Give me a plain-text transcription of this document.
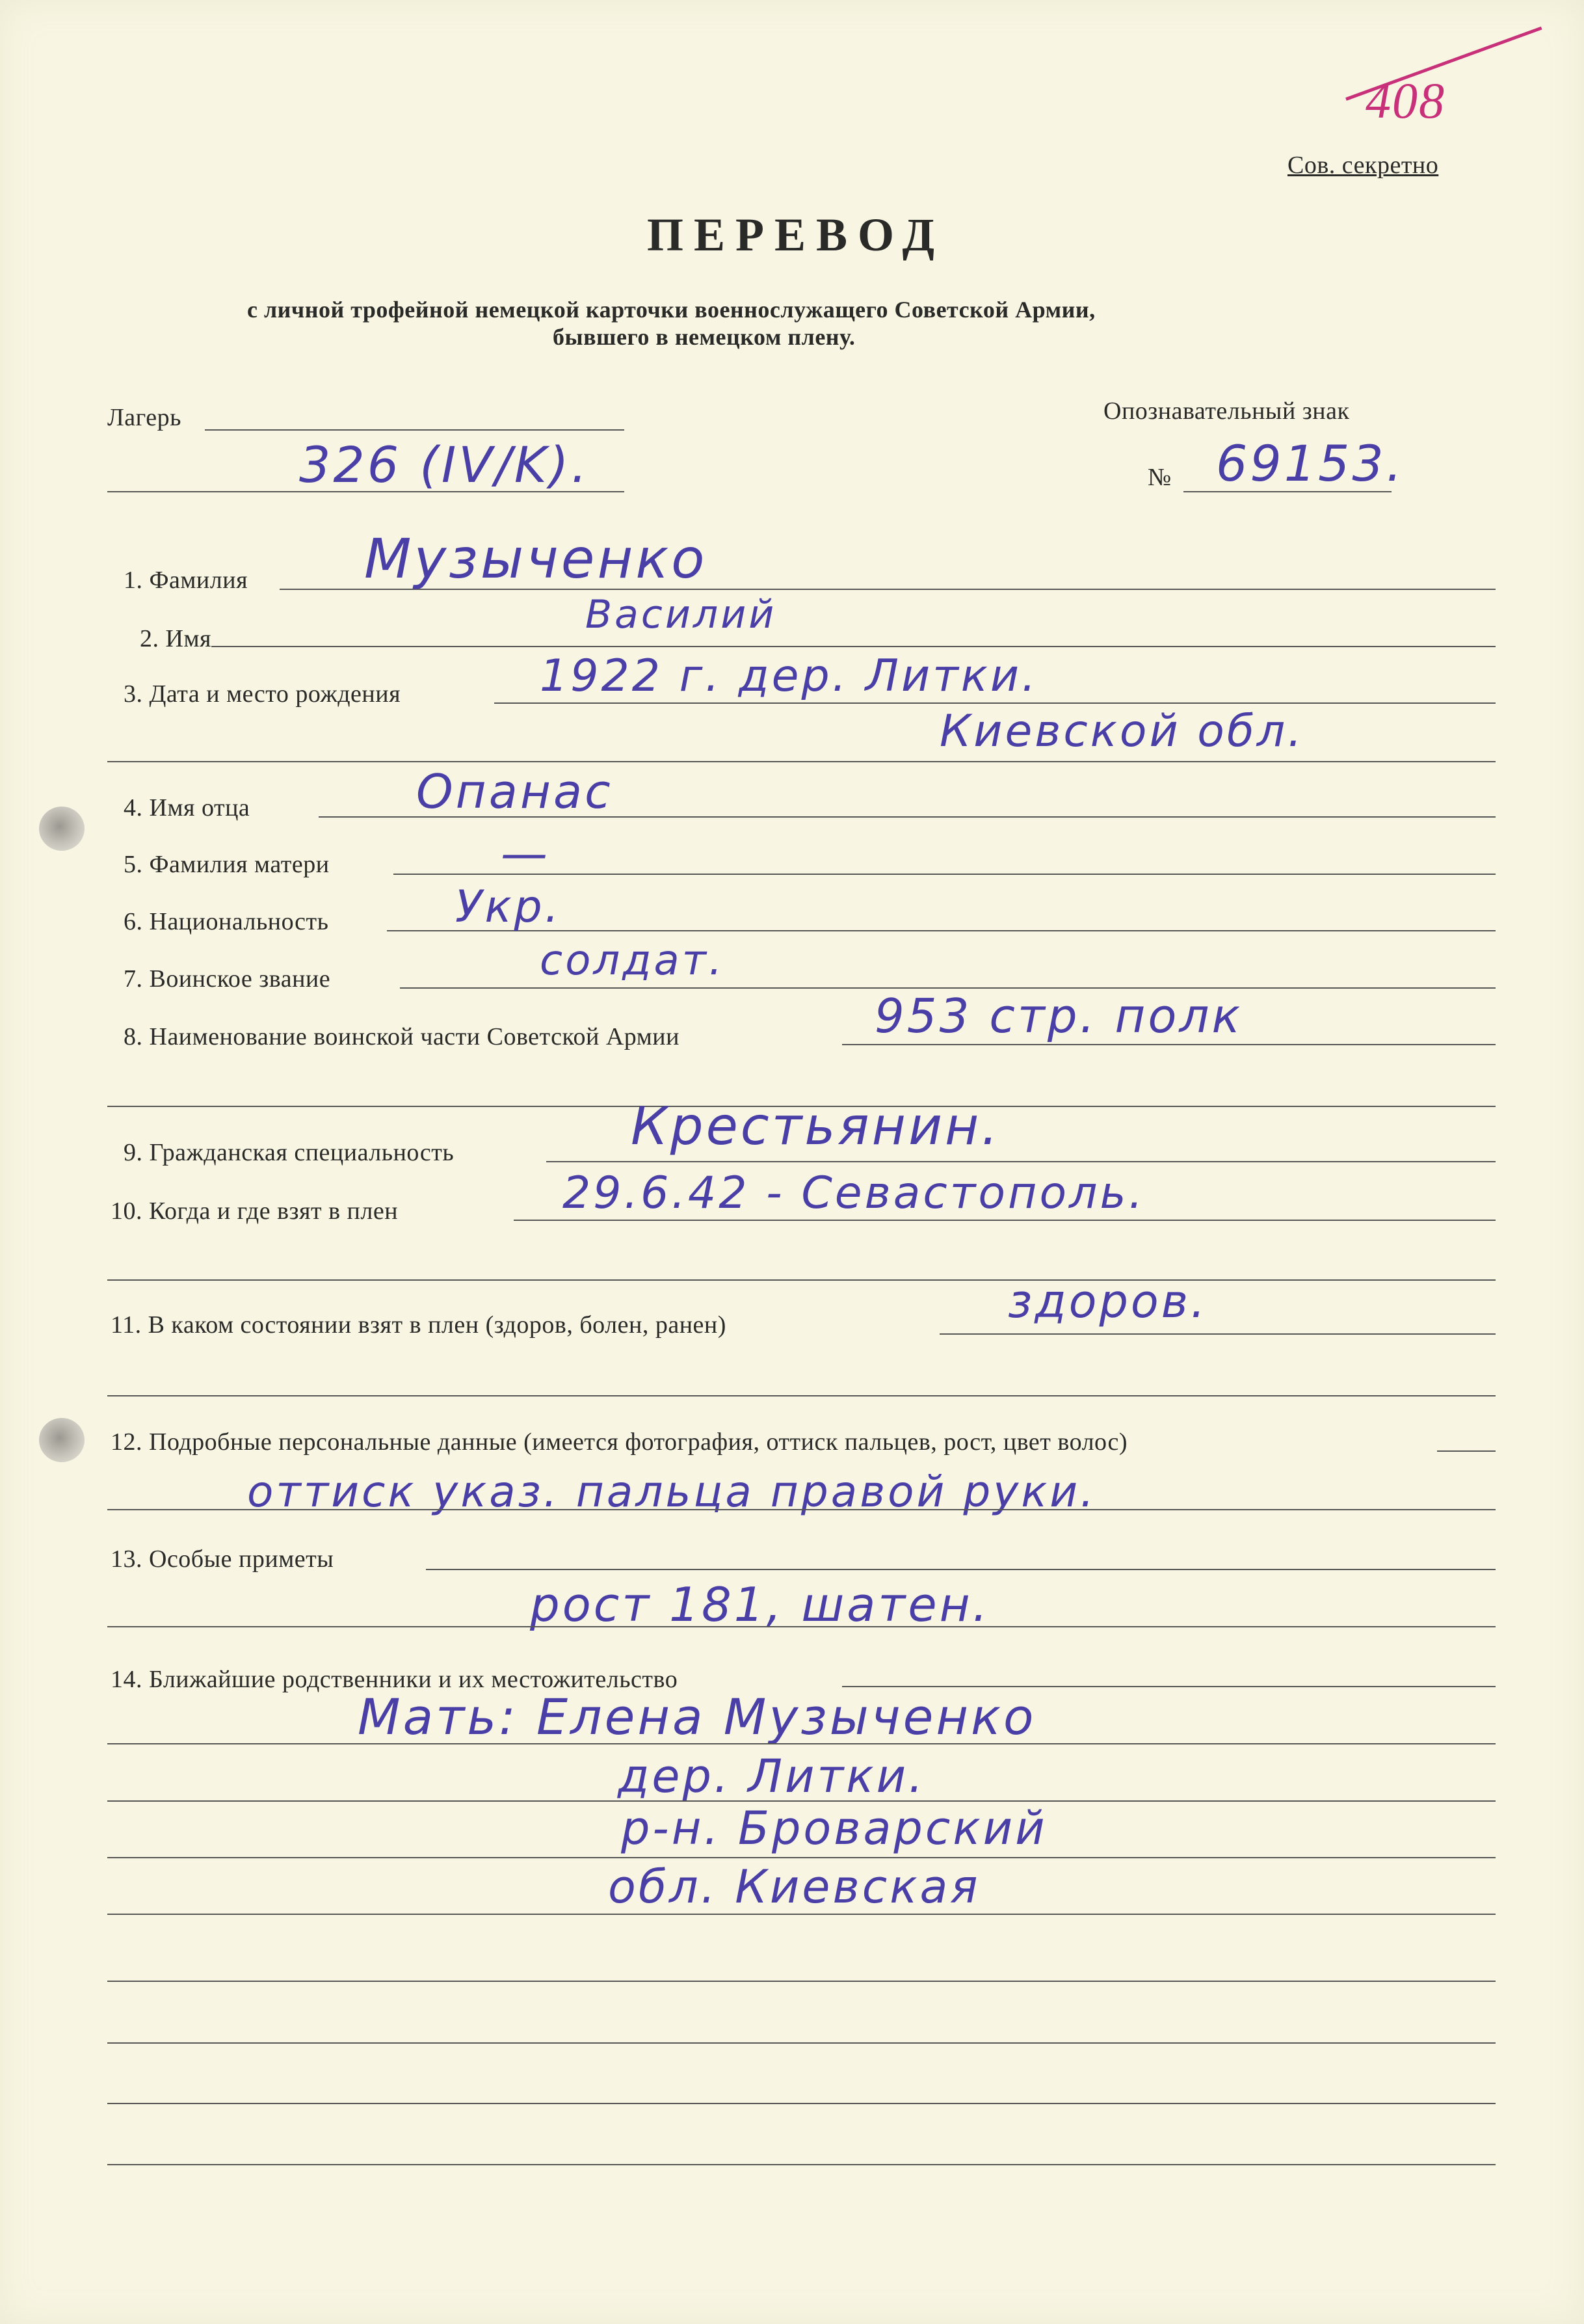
408
Сов. секретно
ПЕРЕВОД
с личной трофейной немецкой карточки военнослужащего Советской Армии,
бывшего в немецком плену.
Лагерь
326 (IV/K).
Опознавательный знак
№ 69153.
1. Фамилия Музыченко
2. Имя
Василий
3. Дата и место рождения	1922 г. дер. Литки.
Киевской обл.
4. Имя отца	Опанас
5. Фамилия матери	—
6. Национальность	Укр.
7. Воинское звание	солдат.
8. Наименование воинской части Советской Армии	953 стр. полк
9. Гражданская специальность	Крестьянин.
10. Когда и где взят в плен	29.6.42 - Севастополь.
11. В каком состоянии взят в плен (здоров, болен, ранен)	здоров.
12. Подробные персональные данные (имеется фотография, оттиск пальцев, рост, цвет волос)
оттиск указ. пальца правой руки.
13. Особые приметы
рост 181, шатен.
14. Ближайшие родственники и их местожительство
Мать: Елена Музыченко
дер. Литки.
р-н. Броварский
обл. Киевская
